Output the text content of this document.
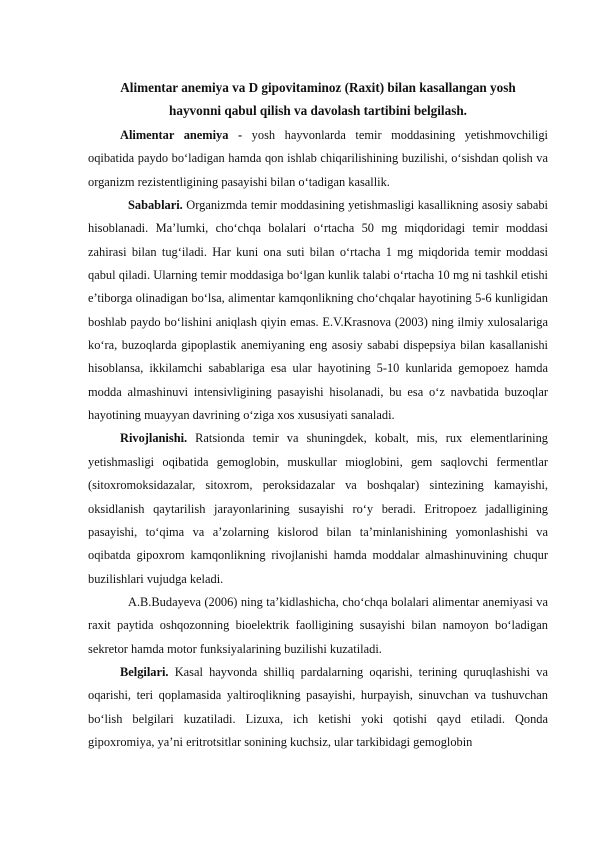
Alimentar anemiya va D gipovitaminoz (Raxit) bilan kasallangan yosh
hayvonni qabul qilish va davolash tartibini belgilash.

Alimentar anemiya - yosh hayvonlarda temir moddasining yetishmovchiligi oqibatida paydo bo‘ladigan hamda qon ishlab chiqarilishining buzilishi, o‘sishdan qolish va organizm rezistentligining pasayishi bilan o‘tadigan kasallik.

Sabablari. Organizmda temir moddasining yetishmasligi kasallikning asosiy sababi hisoblanadi. Ma’lumki, cho‘chqa bolalari o‘rtacha 50 mg miqdoridagi temir moddasi zahirasi bilan tug‘iladi. Har kuni ona suti bilan o‘rtacha 1 mg miqdorida temir moddasi qabul qiladi. Ularning temir moddasiga bo‘lgan kunlik talabi o‘rtacha 10 mg ni tashkil etishi e’tiborga olinadigan bo‘lsa, alimentar kamqonlikning cho‘chqalar hayotining 5-6 kunligidan boshlab paydo bo‘lishini aniqlash qiyin emas. E.V.Krasnova (2003) ning ilmiy xulosalariga ko‘ra, buzoqlarda gipoplastik anemiyaning eng asosiy sababi dispepsiya bilan kasallanishi hisoblansa, ikkilamchi sabablariga esa ular hayotining 5-10 kunlarida gemopoez hamda modda almashinuvi intensivligining pasayishi hisolanadi, bu esa o‘z navbatida buzoqlar hayotining muayyan davrining o‘ziga xos xususiyati sanaladi.

Rivojlanishi. Ratsionda temir va shuningdek, kobalt, mis, rux elementlarining yetishmasligi oqibatida gemoglobin, muskullar mioglobini, gem saqlovchi fermentlar (sitoxromoksidazalar, sitoxrom, peroksidazalar va boshqalar) sintezining kamayishi, oksidlanish qaytarilish jarayonlarining susayishi ro‘y beradi. Eritropoez jadalligining pasayishi, to‘qima va a’zolarning kislorod bilan ta’minlanishining yomonlashishi va oqibatda gipoxrom kamqonlikning rivojlanishi hamda moddalar almashinuvining chuqur buzilishlari vujudga keladi.

A.B.Budayeva (2006) ning ta’kidlashicha, cho‘chqa bolalari alimentar anemiyasi va raxit paytida oshqozonning bioelektrik faolligining susayishi bilan namoyon bo‘ladigan sekretor hamda motor funksiyalarining buzilishi kuzatiladi.

Belgilari. Kasal hayvonda shilliq pardalarning oqarishi, terining quruqlashishi va oqarishi, teri qoplamasida yaltiroqlikning pasayishi, hurpayish, sinuvchan va tushuvchan bo‘lish belgilari kuzatiladi. Lizuxa, ich ketishi yoki qotishi qayd etiladi. Qonda gipoxromiya, ya’ni eritrotsitlar sonining kuchsiz, ular tarkibidagi gemoglobin
